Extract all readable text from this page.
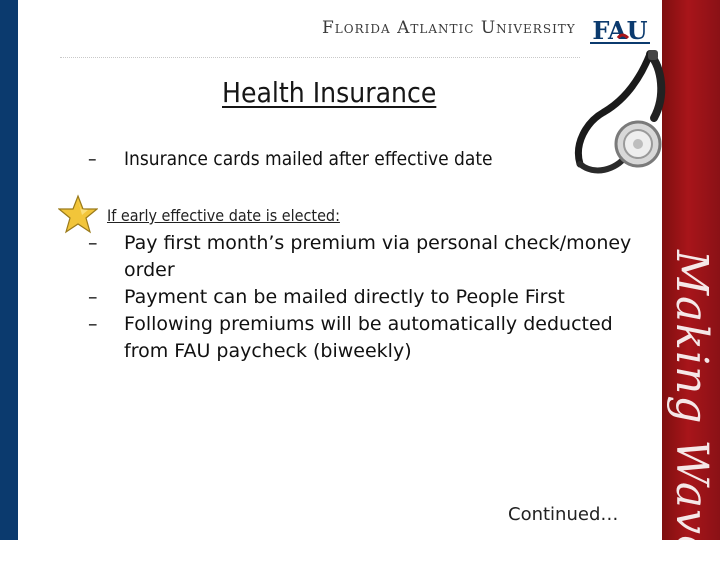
Making Waves
Florida Atlantic University FAU
Health Insurance
– Insurance cards mailed after effective date
If early effective date is elected:
–	Pay first month’s premium via personal check/money order
–	Payment can be mailed directly to People First
–	Following premiums will be automatically deducted from FAU paycheck (biweekly)
Continued…
